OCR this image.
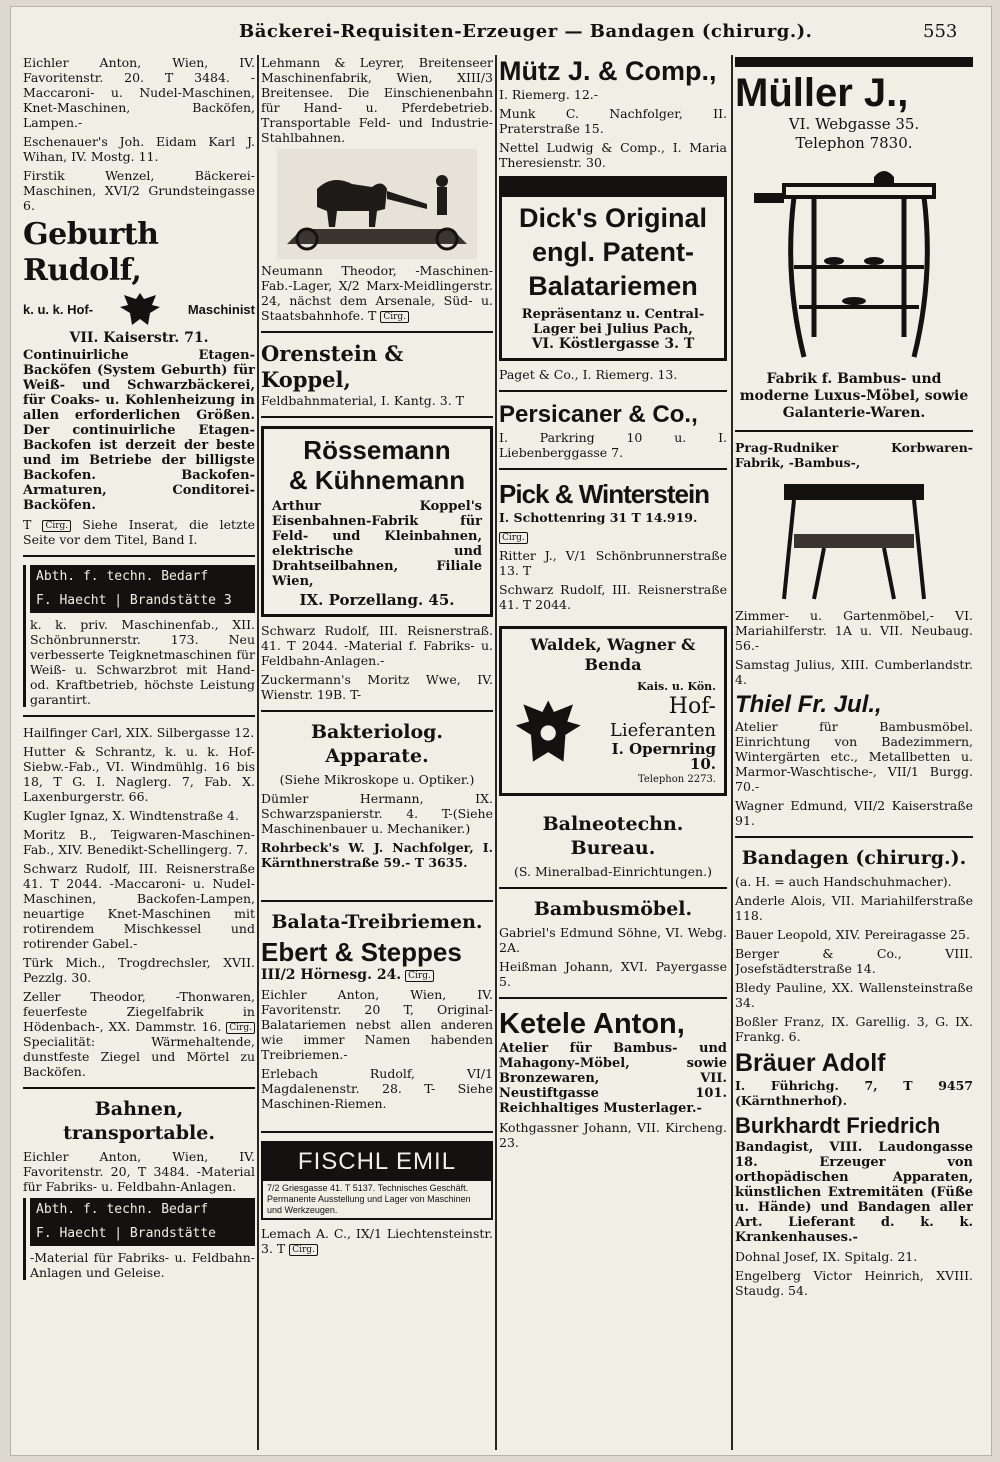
Bäckerei-Requisiten-Erzeuger — Bandagen (chirurg.).	553

Eichler Anton, Wien, IV. Favoritenstr. 20. T 3484. -Maccaroni- u. Nudel-Maschinen, Knet-Maschinen, Backöfen, Lampen.-

Eschenauer's Joh. Eidam Karl J. Wihan, IV. Mostg. 11.

Firstik Wenzel, Bäckerei-Maschinen, XVI/2 Grundsteingasse 6.

Geburth Rudolf,
k. u. k. Hof-	Maschinist
VII. Kaiserstr. 71.

Continuirliche Etagen-Backöfen (System Geburth) für Weiß- und Schwarzbäckerei, für Coaks- u. Kohlenheizung in allen erforderlichen Größen. Der continuirliche Etagen-Backofen ist derzeit der beste und im Betriebe der billigste Backofen. Backofen-Armaturen, Conditorei-Backöfen.

T Cirg. Siehe Inserat, die letzte Seite vor dem Titel, Band I.

Abth. f. techn. Bedarf
F. Haecht | Brandstätte 3

k. k. priv. Maschinenfab., XII. Schönbrunnerstr. 173. Neu verbesserte Teigknetmaschinen für Weiß- u. Schwarzbrot mit Hand- od. Kraftbetrieb, höchste Leistung garantirt.

Hailfinger Carl, XIX. Silbergasse 12.

Hutter & Schrantz, k. u. k. Hof-Siebw.-Fab., VI. Windmühlg. 16 bis 18, T G. I. Naglerg. 7, Fab. X. Laxenburgerstr. 66.

Kugler Ignaz, X. Windtenstraße 4.

Moritz B., Teigwaren-Maschinen-Fab., XIV. Benedikt-Schellingerg. 7.

Schwarz Rudolf, III. Reisnerstraße 41. T 2044. -Maccaroni- u. Nudel-Maschinen, Backofen-Lampen, neuartige Knet-Maschinen mit rotirendem Mischkessel und rotirender Gabel.-

Türk Mich., Trogdrechsler, XVII. Pezzlg. 30.

Zeller Theodor, -Thonwaren, feuerfeste Ziegelfabrik in Hödenbach-, XX. Dammstr. 16. Cirg. Specialität: Wärmehaltende, dunstfeste Ziegel und Mörtel zu Backöfen.

Bahnen, transportable.

Eichler Anton, Wien, IV. Favoritenstr. 20, T 3484. -Material für Fabriks- u. Feldbahn-Anlagen.

Abth. f. techn. Bedarf
F. Haecht | Brandstätte

-Material für Fabriks- u. Feldbahn-Anlagen und Geleise.

Lehmann & Leyrer, Breitenseer Maschinenfabrik, Wien, XIII/3 Breitensee. Die Einschienenbahn für Hand- u. Pferdebetrieb. Transportable Feld- und Industrie-Stahlbahnen.

Neumann Theodor, -Maschinen-Fab.-Lager, X/2 Marx-Meidlingerstr. 24, nächst dem Arsenale, Süd- u. Staatsbahnhofe. T Cirg.

Orenstein & Koppel,

Feldbahnmaterial, I. Kantg. 3. T

Rössemann
& Kühnemann

Arthur Koppel's Eisenbahnen-Fabrik für Feld- und Kleinbahnen, elektrische und Drahtseilbahnen, Filiale Wien,

IX. Porzellang. 45.

Schwarz Rudolf, III. Reisnerstraß. 41. T 2044. -Material f. Fabriks- u. Feldbahn-Anlagen.-

Zuckermann's Moritz Wwe, IV. Wienstr. 19B. T-

Bakteriolog. Apparate.

(Siehe Mikroskope u. Optiker.)

Dümler Hermann, IX. Schwarzspanierstr. 4. T-(Siehe Maschinenbauer u. Mechaniker.)

Rohrbeck's W. J. Nachfolger, I. Kärnthnerstraße 59.- T 3635.

Balata-Treibriemen.
Ebert & Steppes

III/2 Hörnesg. 24. Cirg.

Eichler Anton, Wien, IV. Favoritenstr. 20 T, Original-Balatariemen nebst allen anderen wie immer Namen habenden Treibriemen.-

Erlebach Rudolf, VI/1 Magdalenenstr. 28. T- Siehe Maschinen-Riemen.

FISCHL EMIL

7/2 Griesgasse 41. T 5137. Technisches Geschäft. Permanente Ausstellung und Lager von Maschinen und Werkzeugen.

Lemach A. C., IX/1 Liechtensteinstr. 3. T Cirg.

Mütz J. & Comp.,

I. Riemerg. 12.-

Munk C. Nachfolger, II. Praterstraße 15.

Nettel Ludwig & Comp., I. Maria Theresienstr. 30.

Dick's Original
engl. Patent-
Balatariemen

Repräsentanz u. Central-Lager bei Julius Pach,

VI. Köstlergasse 3. T

Paget & Co., I. Riemerg. 13.

Persicaner & Co.,

I. Parkring 10 u. I. Liebenberggasse 7.

Pick & Winterstein

I. Schottenring 31 T 14.919.

Cirg.

Ritter J., V/1 Schönbrunnerstraße 13. T

Schwarz Rudolf, III. Reisnerstraße 41. T 2044.

Waldek, Wagner & Benda
Kais. u. Kön.
Hof-
Lieferanten
I. Opernring 10.
Telephon 2273.
Balneotechn. Bureau.

(S. Mineralbad-Einrichtungen.)

Bambusmöbel.

Gabriel's Edmund Söhne, VI. Webg. 2A.

Heißman Johann, XVI. Payergasse 5.

Ketele Anton,

Atelier für Bambus- und Mahagony-Möbel, sowie Bronzewaren, VII. Neustiftgasse 101. Reichhaltiges Musterlager.-

Kothgassner Johann, VII. Kircheng. 23.

Müller J.,

VI. Webgasse 35.

Telephon 7830.

Fabrik f. Bambus- und moderne Luxus-Möbel, sowie Galanterie-Waren.

Prag-Rudniker Korbwaren-Fabrik, -Bambus-,

Zimmer- u. Gartenmöbel,- VI. Mariahilferstr. 1A u. VII. Neubaug. 56.-

Samstag Julius, XIII. Cumberlandstr. 4.

Thiel Fr. Jul.,

Atelier für Bambusmöbel. Einrichtung von Badezimmern, Wintergärten etc., Metallbetten u. Marmor-Waschtische-, VII/1 Burgg. 70.-

Wagner Edmund, VII/2 Kaiserstraße 91.

Bandagen (chirurg.).

(a. H. = auch Handschuhmacher).

Anderle Alois, VII. Mariahilferstraße 118.

Bauer Leopold, XIV. Pereiragasse 25.

Berger & Co., VIII. Josefstädterstraße 14.

Bledy Pauline, XX. Wallensteinstraße 34.

Boßler Franz, IX. Garellig. 3, G. IX. Frankg. 6.

Bräuer Adolf

I. Führichg. 7, T 9457 (Kärnthnerhof).

Burkhardt Friedrich

Bandagist, VIII. Laudongasse 18. Erzeuger von orthopädischen Apparaten, künstlichen Extremitäten (Füße u. Hände) und Bandagen aller Art. Lieferant d. k. k. Krankenhauses.-

Dohnal Josef, IX. Spitalg. 21.

Engelberg Victor Heinrich, XVIII. Staudg. 54.
